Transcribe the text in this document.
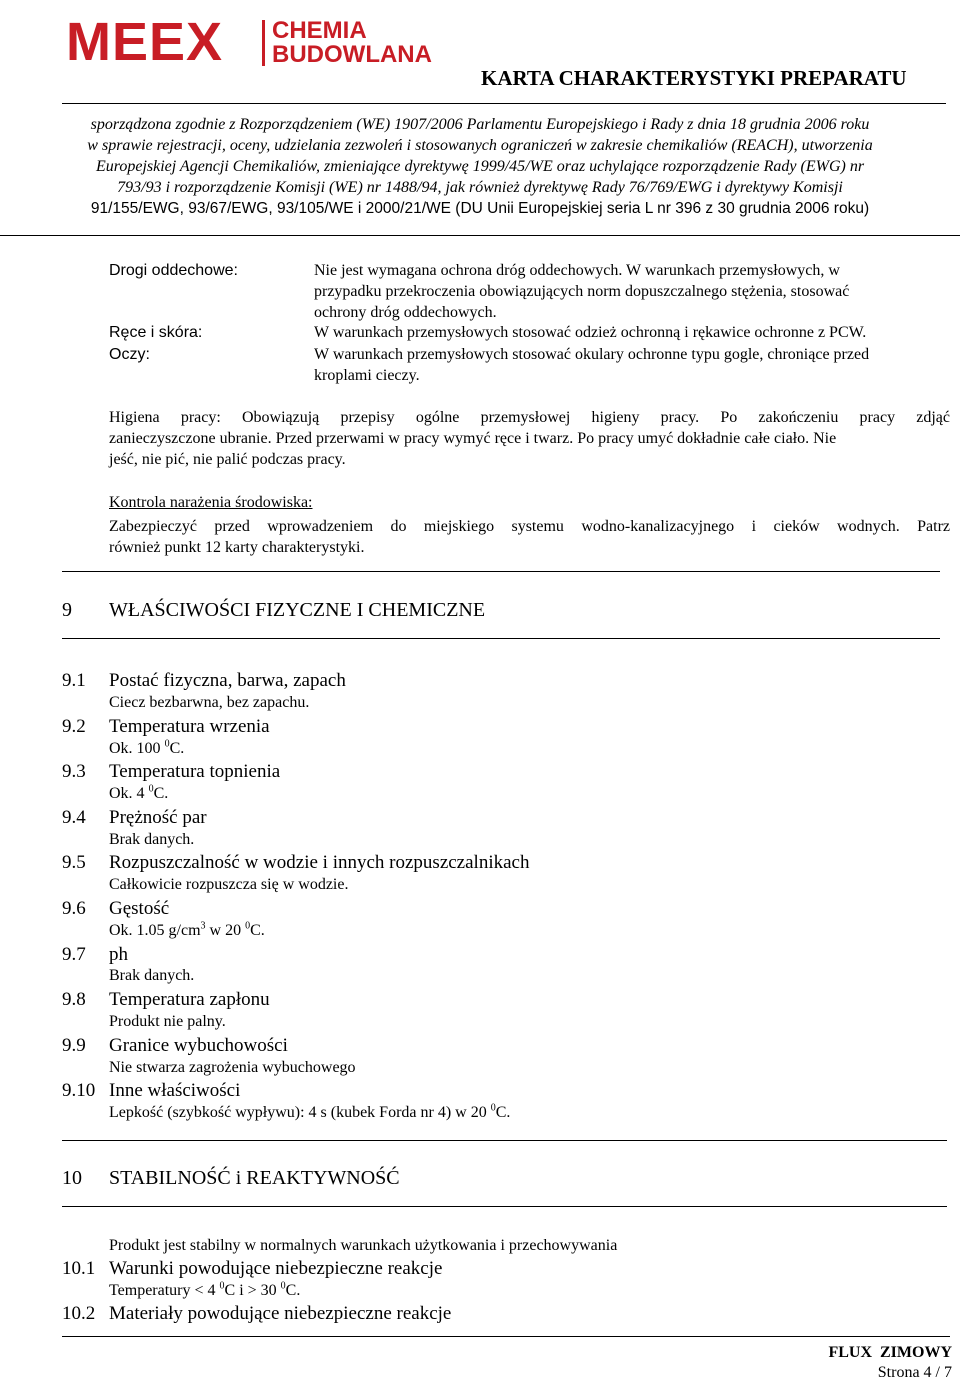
MEEX CHEMIA
BUDOWLANA
KARTA CHARAKTERYSTYKI PREPARATU
sporządzona zgodnie z Rozporządzeniem (WE) 1907/2006 Parlamentu Europejskiego i Rady z dnia 18 grudnia 2006 roku
w sprawie rejestracji, oceny, udzielania zezwoleń i stosowanych ograniczeń w zakresie chemikaliów (REACH), utworzenia
Europejskiej Agencji Chemikaliów, zmieniające dyrektywę 1999/45/WE oraz uchylające rozporządzenie Rady (EWG) nr
793/93 i rozporządzenie Komisji (WE) nr 1488/94, jak również dyrektywę Rady 76/769/EWG i dyrektywy Komisji
91/155/EWG, 93/67/EWG, 93/105/WE i 2000/21/WE (DU Unii Europejskiej seria L nr 396 z 30 grudnia 2006 roku)
Drogi oddechowe:	Nie jest wymagana ochrona dróg oddechowych. W warunkach przemysłowych, w
przypadku przekroczenia obowiązujących norm dopuszczalnego stężenia, stosować
ochrony dróg oddechowych.
Ręce i skóra:	W warunkach przemysłowych stosować odzież ochronną i rękawice ochronne z PCW.
Oczy:	W warunkach przemysłowych stosować okulary ochronne typu gogle, chroniące przed
kroplami cieczy.
Higiena pracy: Obowiązują przepisy ogólne przemysłowej higieny pracy. Po zakończeniu pracy zdjąć
zanieczyszczone ubranie. Przed przerwami w pracy wymyć ręce i twarz. Po pracy umyć dokładnie całe ciało. Nie
jeść, nie pić, nie palić podczas pracy.
Kontrola narażenia środowiska:
Zabezpieczyć przed wprowadzeniem do miejskiego systemu wodno-kanalizacyjnego i cieków wodnych. Patrz
również punkt 12 karty charakterystyki.
9 WŁAŚCIWOŚCI FIZYCZNE I CHEMICZNE
9.1 Postać fizyczna, barwa, zapach
Ciecz bezbarwna, bez zapachu.
9.2 Temperatura wrzenia
Ok. 100 $^0$C.
9.3 Temperatura topnienia
Ok. 4 $^0$C.
9.4 Prężność par
Brak danych.
9.5 Rozpuszczalność w wodzie i innych rozpuszczalnikach
Całkowicie rozpuszcza się w wodzie.
9.6 Gęstość
Ok. 1.05 $g/cm^3$ w 20 $^0$C.
9.7 ph
Brak danych.
9.8 Temperatura zapłonu
Produkt nie palny.
9.9 Granice wybuchowości
Nie stwarza zagrożenia wybuchowego
9.10 Inne właściwości
Lepkość (szybkość wypływu): 4 s (kubek Forda nr 4) w 20 $^0$C.
10 STABILNOŚĆ i REAKTYWNOŚĆ
Produkt jest stabilny w normalnych warunkach użytkowania i przechowywania
10.1 Warunki powodujące niebezpieczne reakcje
Temperatury < 4 $^0$C i > 30 $^0$C.
10.2 Materiały powodujące niebezpieczne reakcje
FLUX  ZIMOWY
Strona 4 / 7
